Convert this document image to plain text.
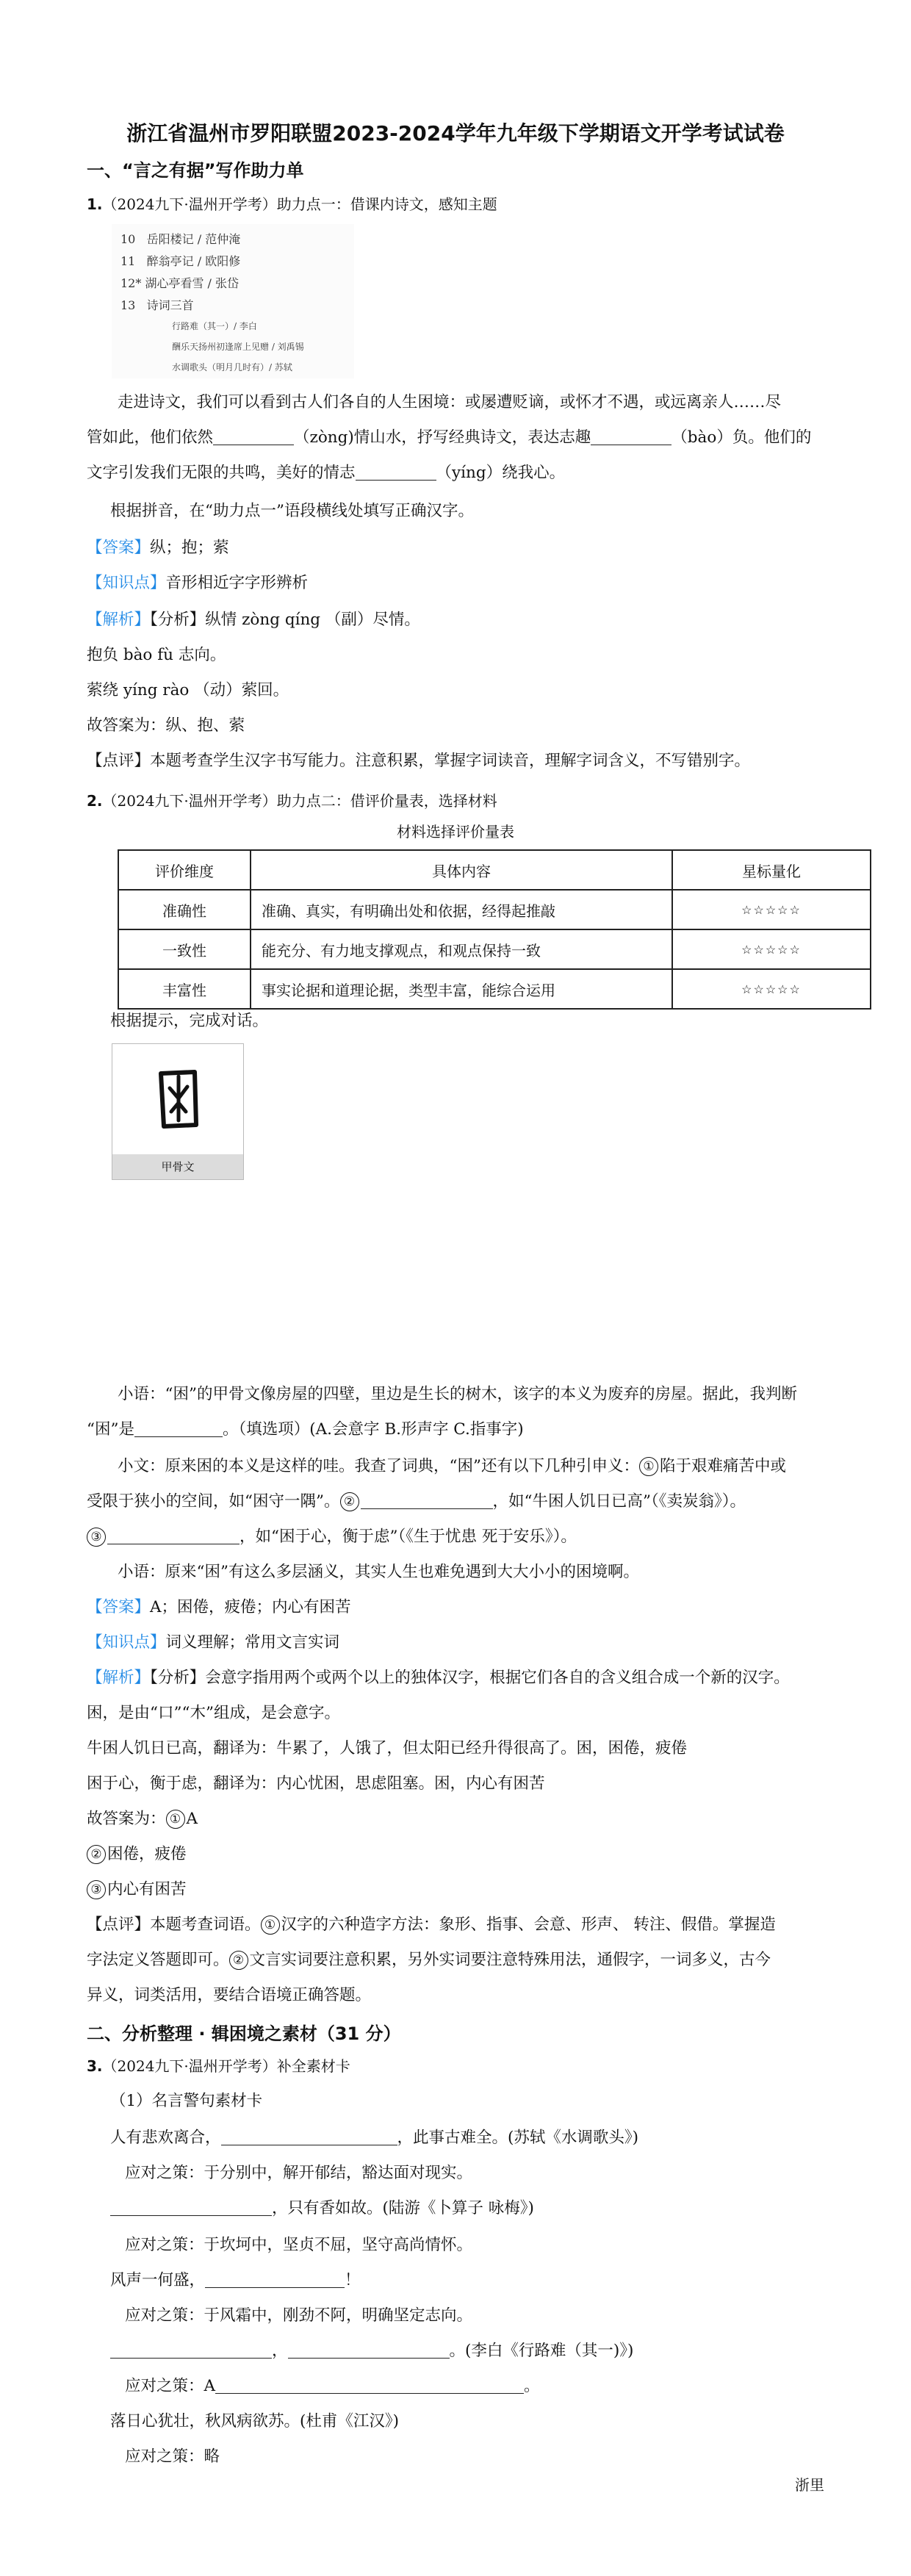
浙江省温州市罗阳联盟2023-2024学年九年级下学期语文开学考试试卷
一、“言之有据”写作助力单
1.（2024九下·温州开学考）助力点一：借课内诗文，感知主题
10 岳阳楼记 / 范仲淹
11 醉翁亭记 / 欧阳修
12* 湖心亭看雪 / 张岱
13 诗词三首
行路难（其一）/ 李白
酬乐天扬州初逢席上见赠 / 刘禹锡
水调歌头（明月几时有）/ 苏轼
走进诗文，我们可以看到古人们各自的人生困境：或屡遭贬谪，或怀才不遇，或远离亲人……尽
管如此，他们依然	（zòng)情山水，抒写经典诗文，表达志趣	（bào）负。他们的
文字引发我们无限的共鸣，美好的情志	（yíng）绕我心。
根据拼音，在“助力点一”语段横线处填写正确汉字。
【答案】纵；抱；萦
【知识点】音形相近字字形辨析
【解析】【分析】纵情 zòng qíng （副）尽情。
抱负 bào fù 志向。
萦绕 yíng rào （动）萦回。
故答案为：纵、抱、萦
【点评】本题考查学生汉字书写能力。注意积累，掌握字词读音，理解字词含义，不写错别字。
2.（2024九下·温州开学考）助力点二：借评价量表，选择材料
材料选择评价量表
评价维度	具体内容	星标量化
准确性	准确、真实，有明确出处和依据，经得起推敲	☆☆☆☆☆
一致性	能充分、有力地支撑观点，和观点保持一致	☆☆☆☆☆
丰富性	事实论据和道理论据，类型丰富，能综合运用	☆☆☆☆☆
根据提示，完成对话。
甲骨文
小语：“困”的甲骨文像房屋的四壁，里边是生长的树木，该字的本义为废弃的房屋。据此，我判断
“困”是	。（填选项）(A.会意字 B.形声字 C.指事字)
小文：原来困的本义是这样的哇。我查了词典，“困”还有以下几种引申义： ① 陷于艰难痛苦中或
受限于狭小的空间，如“困守一隅”。 ②	，如“牛困人饥日已高”（《卖炭翁》）。
③	，如“困于心，衡于虑”（《生于忧患 死于安乐》）。
小语：原来“困”有这么多层涵义，其实人生也难免遇到大大小小的困境啊。
【答案】A；困倦，疲倦；内心有困苦
【知识点】词义理解；常用文言实词
【解析】【分析】会意字指用两个或两个以上的独体汉字，根据它们各自的含义组合成一个新的汉字。
困，是由“口”“木”组成，是会意字。
牛困人饥日已高，翻译为：牛累了，人饿了，但太阳已经升得很高了。困，困倦，疲倦
困于心，衡于虑，翻译为：内心忧困，思虑阻塞。困，内心有困苦
故答案为： ① A
② 困倦，疲倦
③ 内心有困苦
【点评】本题考查词语。 ① 汉字的六种造字方法：象形、指事、会意、形声、 转注、假借。掌握造
字法定义答题即可。 ② 文言实词要注意积累，另外实词要注意特殊用法，通假字，一词多义，古今
异义，词类活用，要结合语境正确答题。
二、分析整理 · 辑困境之素材（31 分）
3.（2024九下·温州开学考）补全素材卡
（1）名言警句素材卡
人有悲欢离合，	，此事古难全。(苏轼《水调歌头》)
应对之策：于分别中，解开郁结，豁达面对现实。
，只有香如故。(陆游《卜算子 咏梅》)
应对之策：于坎坷中，坚贞不屈，坚守高尚情怀。
风声一何盛，	！
应对之策：于风霜中，刚劲不阿，明确坚定志向。
，	。(李白《行路难（其一)》)
应对之策：A	。
落日心犹壮，秋风病欲苏。(杜甫《江汉》)
应对之策：略
浙里
